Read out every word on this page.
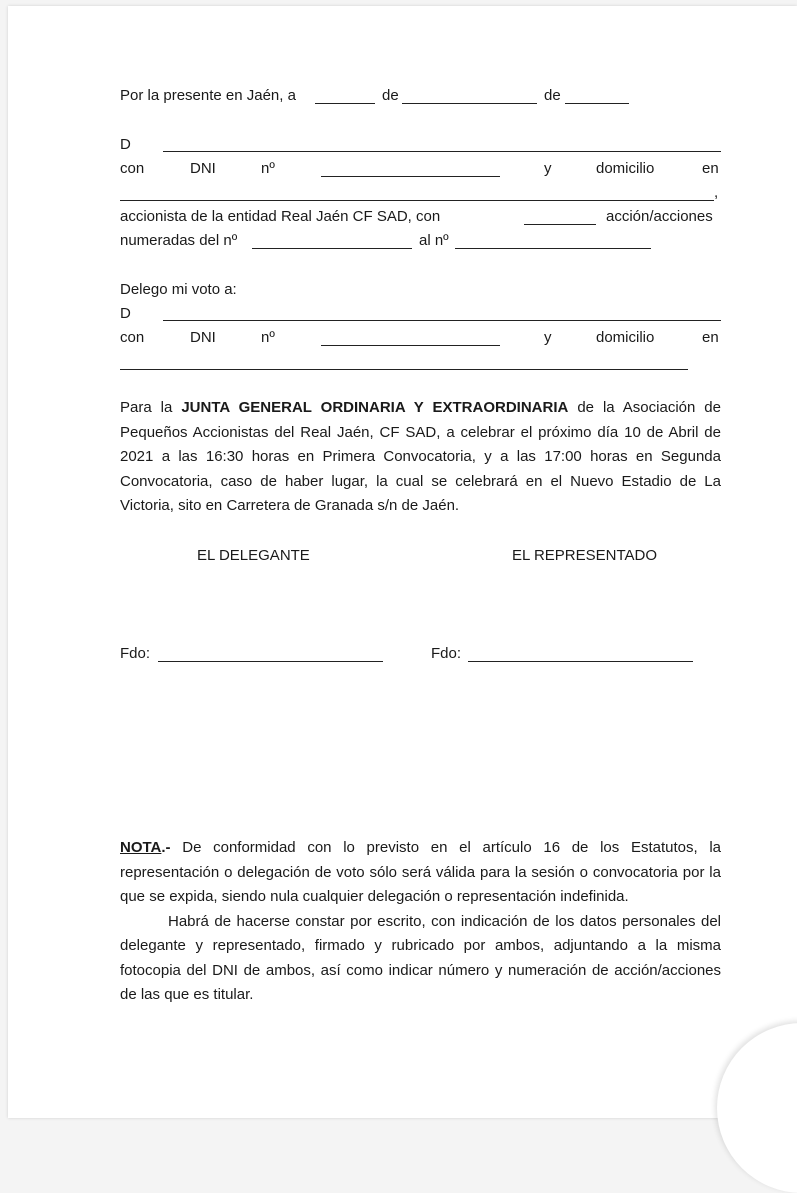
Por la presente en Jaén, a	de	de
D
con	DNI	nº	y	domicilio	en
,
accionista de la entidad Real Jaén CF SAD, con	acción/acciones
numeradas del nº	al nº
Delego mi voto a:
D
con	DNI	nº	y	domicilio	en

Para la JUNTA GENERAL ORDINARIA Y EXTRAORDINARIA de la Asociación de Pequeños Accionistas del Real Jaén, CF SAD, a celebrar el próximo día 10 de Abril de 2021 a las 16:30 horas en Primera Convocatoria, y a las 17:00 horas en Segunda Convocatoria, caso de haber lugar, la cual se celebrará en el Nuevo Estadio de La Victoria, sito en Carretera de Granada s/n de Jaén.

EL DELEGANTE	EL REPRESENTADO
Fdo:	Fdo:
NOTA.- De conformidad con lo previsto en el artículo 16 de los Estatutos, la representación o delegación de voto sólo será válida para la sesión o convocatoria por la que se expida, siendo nula cualquier delegación o representación indefinida.
Habrá de hacerse constar por escrito, con indicación de los datos personales del delegante y representado, firmado y rubricado por ambos, adjuntando a la misma fotocopia del DNI de ambos, así como indicar número y numeración de acción/acciones de las que es titular.
